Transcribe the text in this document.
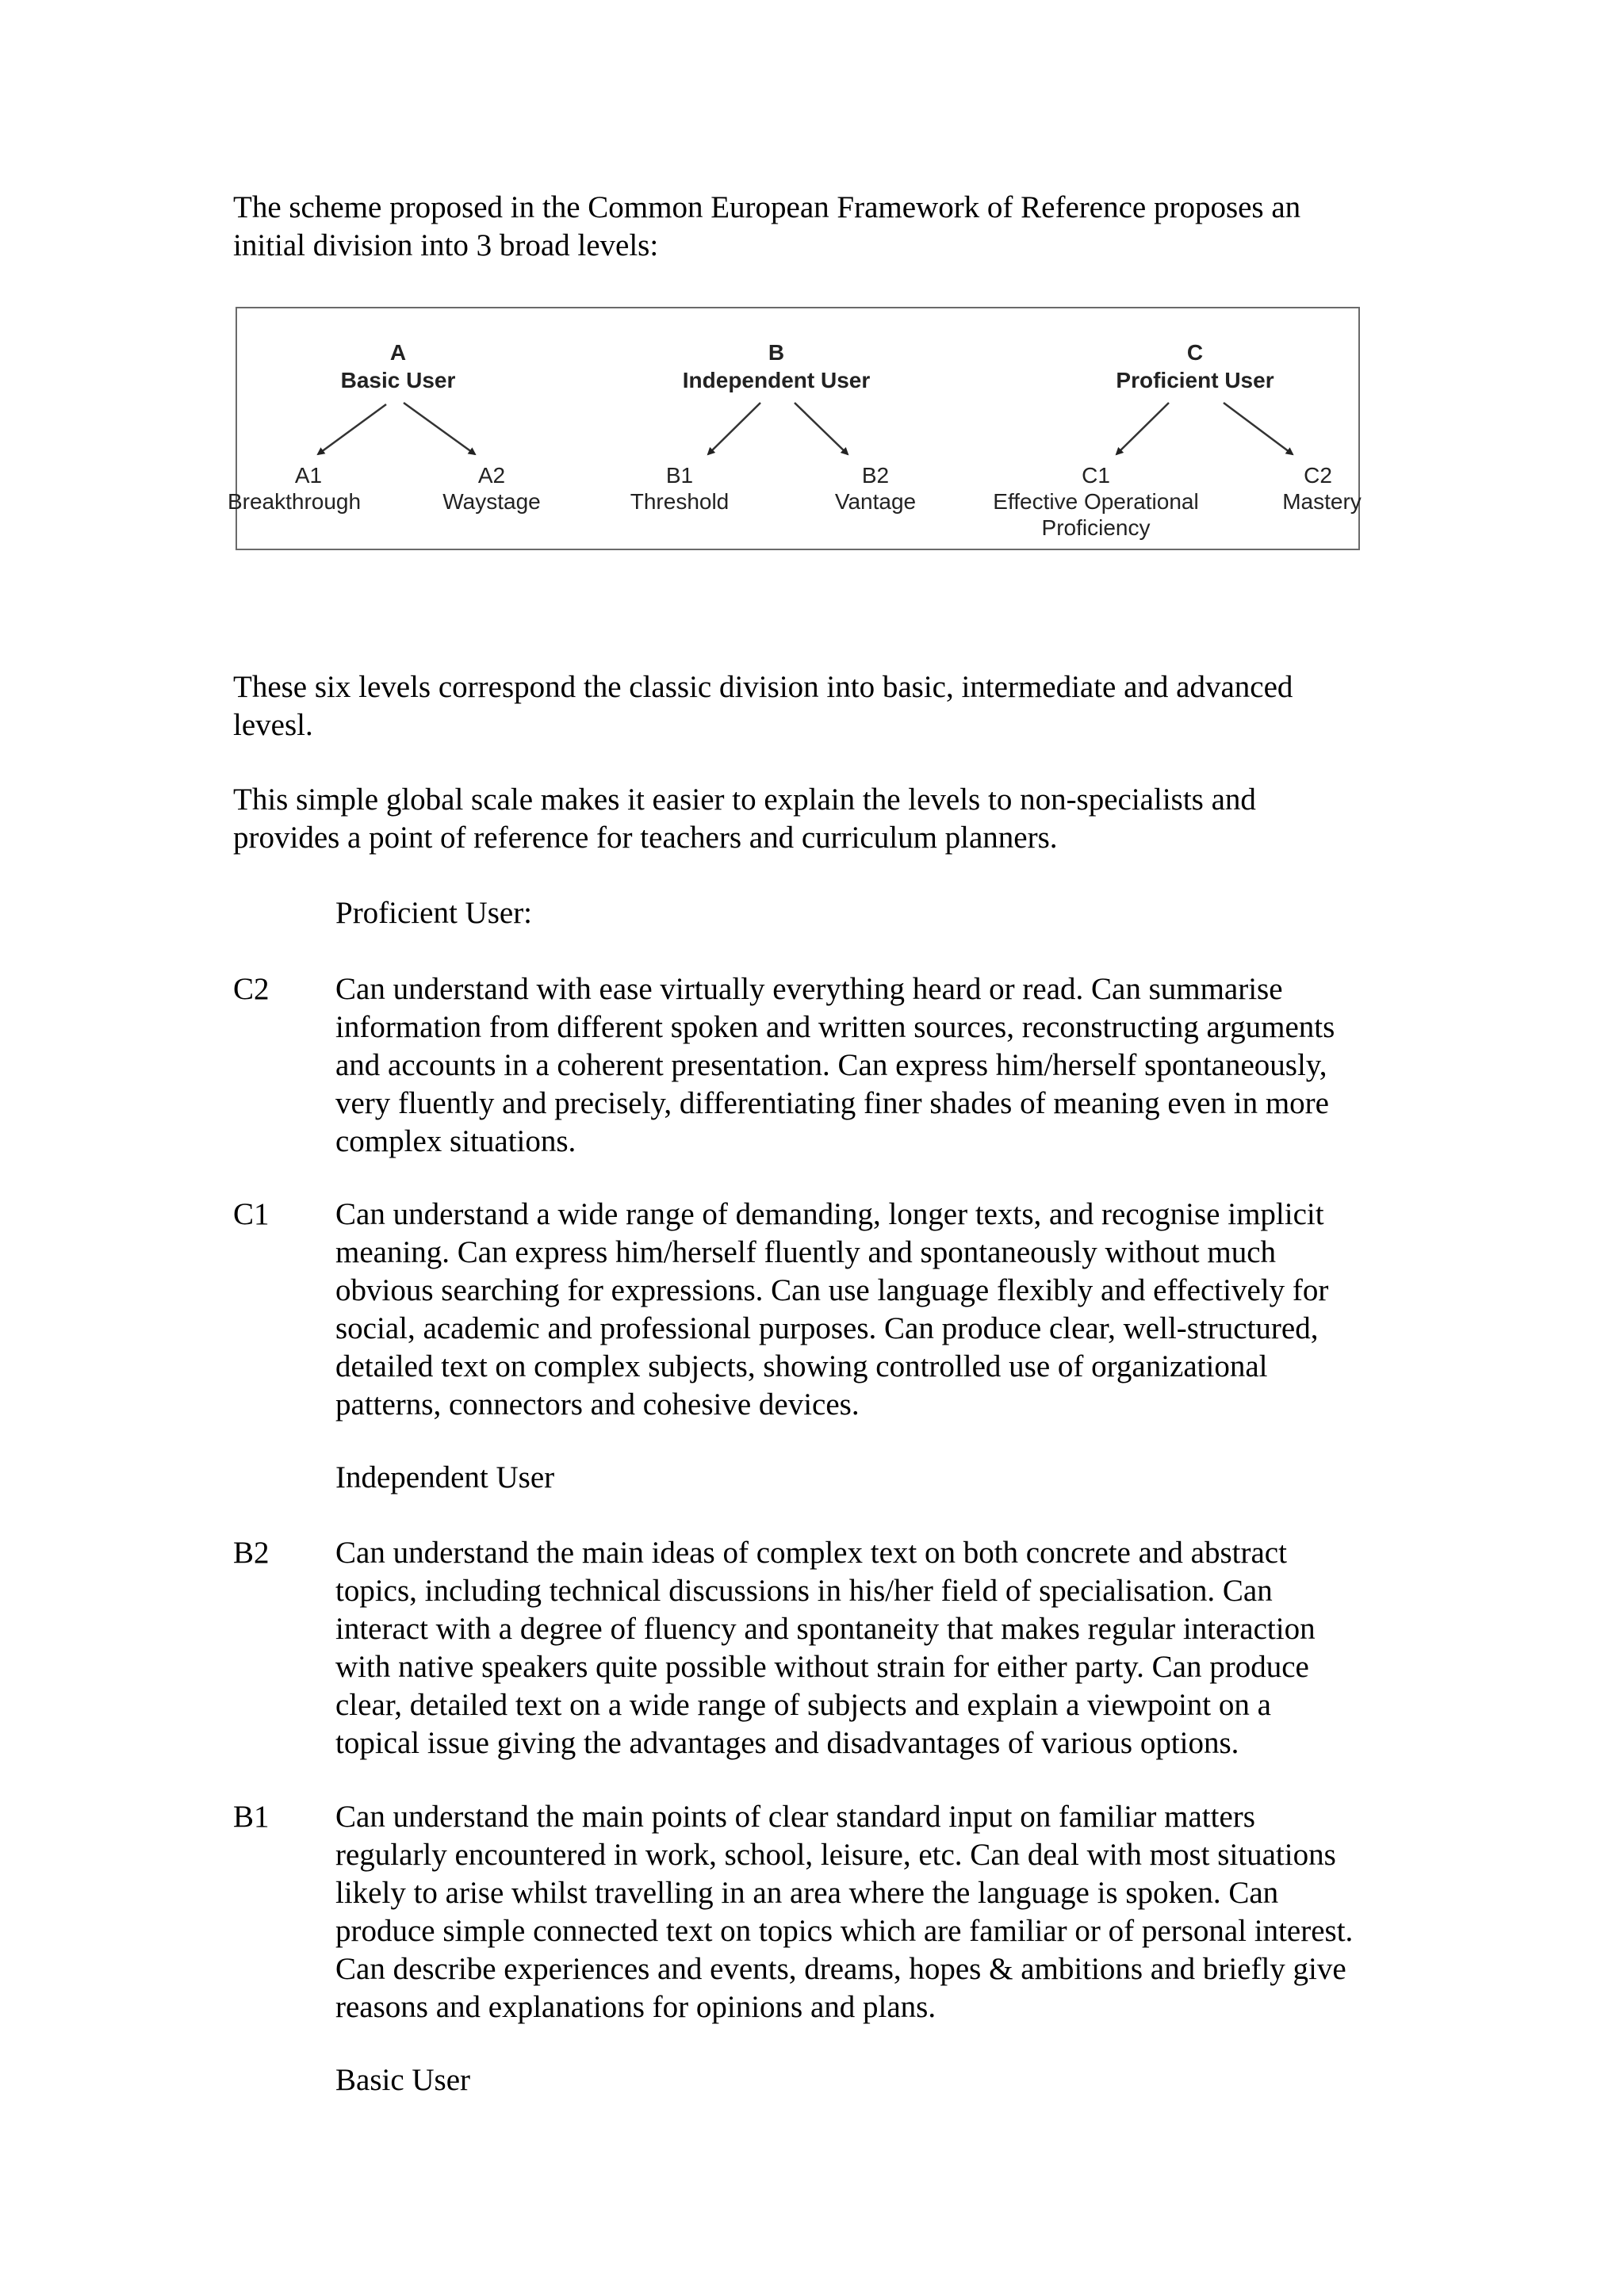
The scheme proposed in the Common European Framework of Reference proposes an
initial division into 3 broad levels:
A
Basic User
A1
Breakthrough
A2
Waystage
B
Independent User
B1
Threshold
B2
Vantage
C
Proficient User
C1
Effective Operational
Proficiency
C2
Mastery
These six levels correspond the classic division into basic, intermediate and advanced
levesl.
This simple global scale makes it easier to explain the levels to non-specialists and
provides a point of reference for teachers and curriculum planners.
Proficient User:
C2 Can understand with ease virtually everything heard or read. Can summarise
information from different spoken and written sources, reconstructing arguments
and accounts in a coherent presentation. Can express him/herself spontaneously,
very fluently and precisely, differentiating finer shades of meaning even in more
complex situations.
C1 Can understand a wide range of demanding, longer texts, and recognise implicit
meaning. Can express him/herself fluently and spontaneously without much
obvious searching for expressions. Can use language flexibly and effectively for
social, academic and professional purposes. Can produce clear, well-structured,
detailed text on complex subjects, showing controlled use of organizational
patterns, connectors and cohesive devices.
Independent User
B2 Can understand the main ideas of complex text on both concrete and abstract
topics, including technical discussions in his/her field of specialisation. Can
interact with a degree of fluency and spontaneity that makes regular interaction
with native speakers quite possible without strain for either party. Can produce
clear, detailed text on a wide range of subjects and explain a viewpoint on a
topical issue giving the advantages and disadvantages of various options.
B1 Can understand the main points of clear standard input on familiar matters
regularly encountered in work, school, leisure, etc. Can deal with most situations
likely to arise whilst travelling in an area where the language is spoken. Can
produce simple connected text on topics which are familiar or of personal interest.
Can describe experiences and events, dreams, hopes & ambitions and briefly give
reasons and explanations for opinions and plans.
Basic User
